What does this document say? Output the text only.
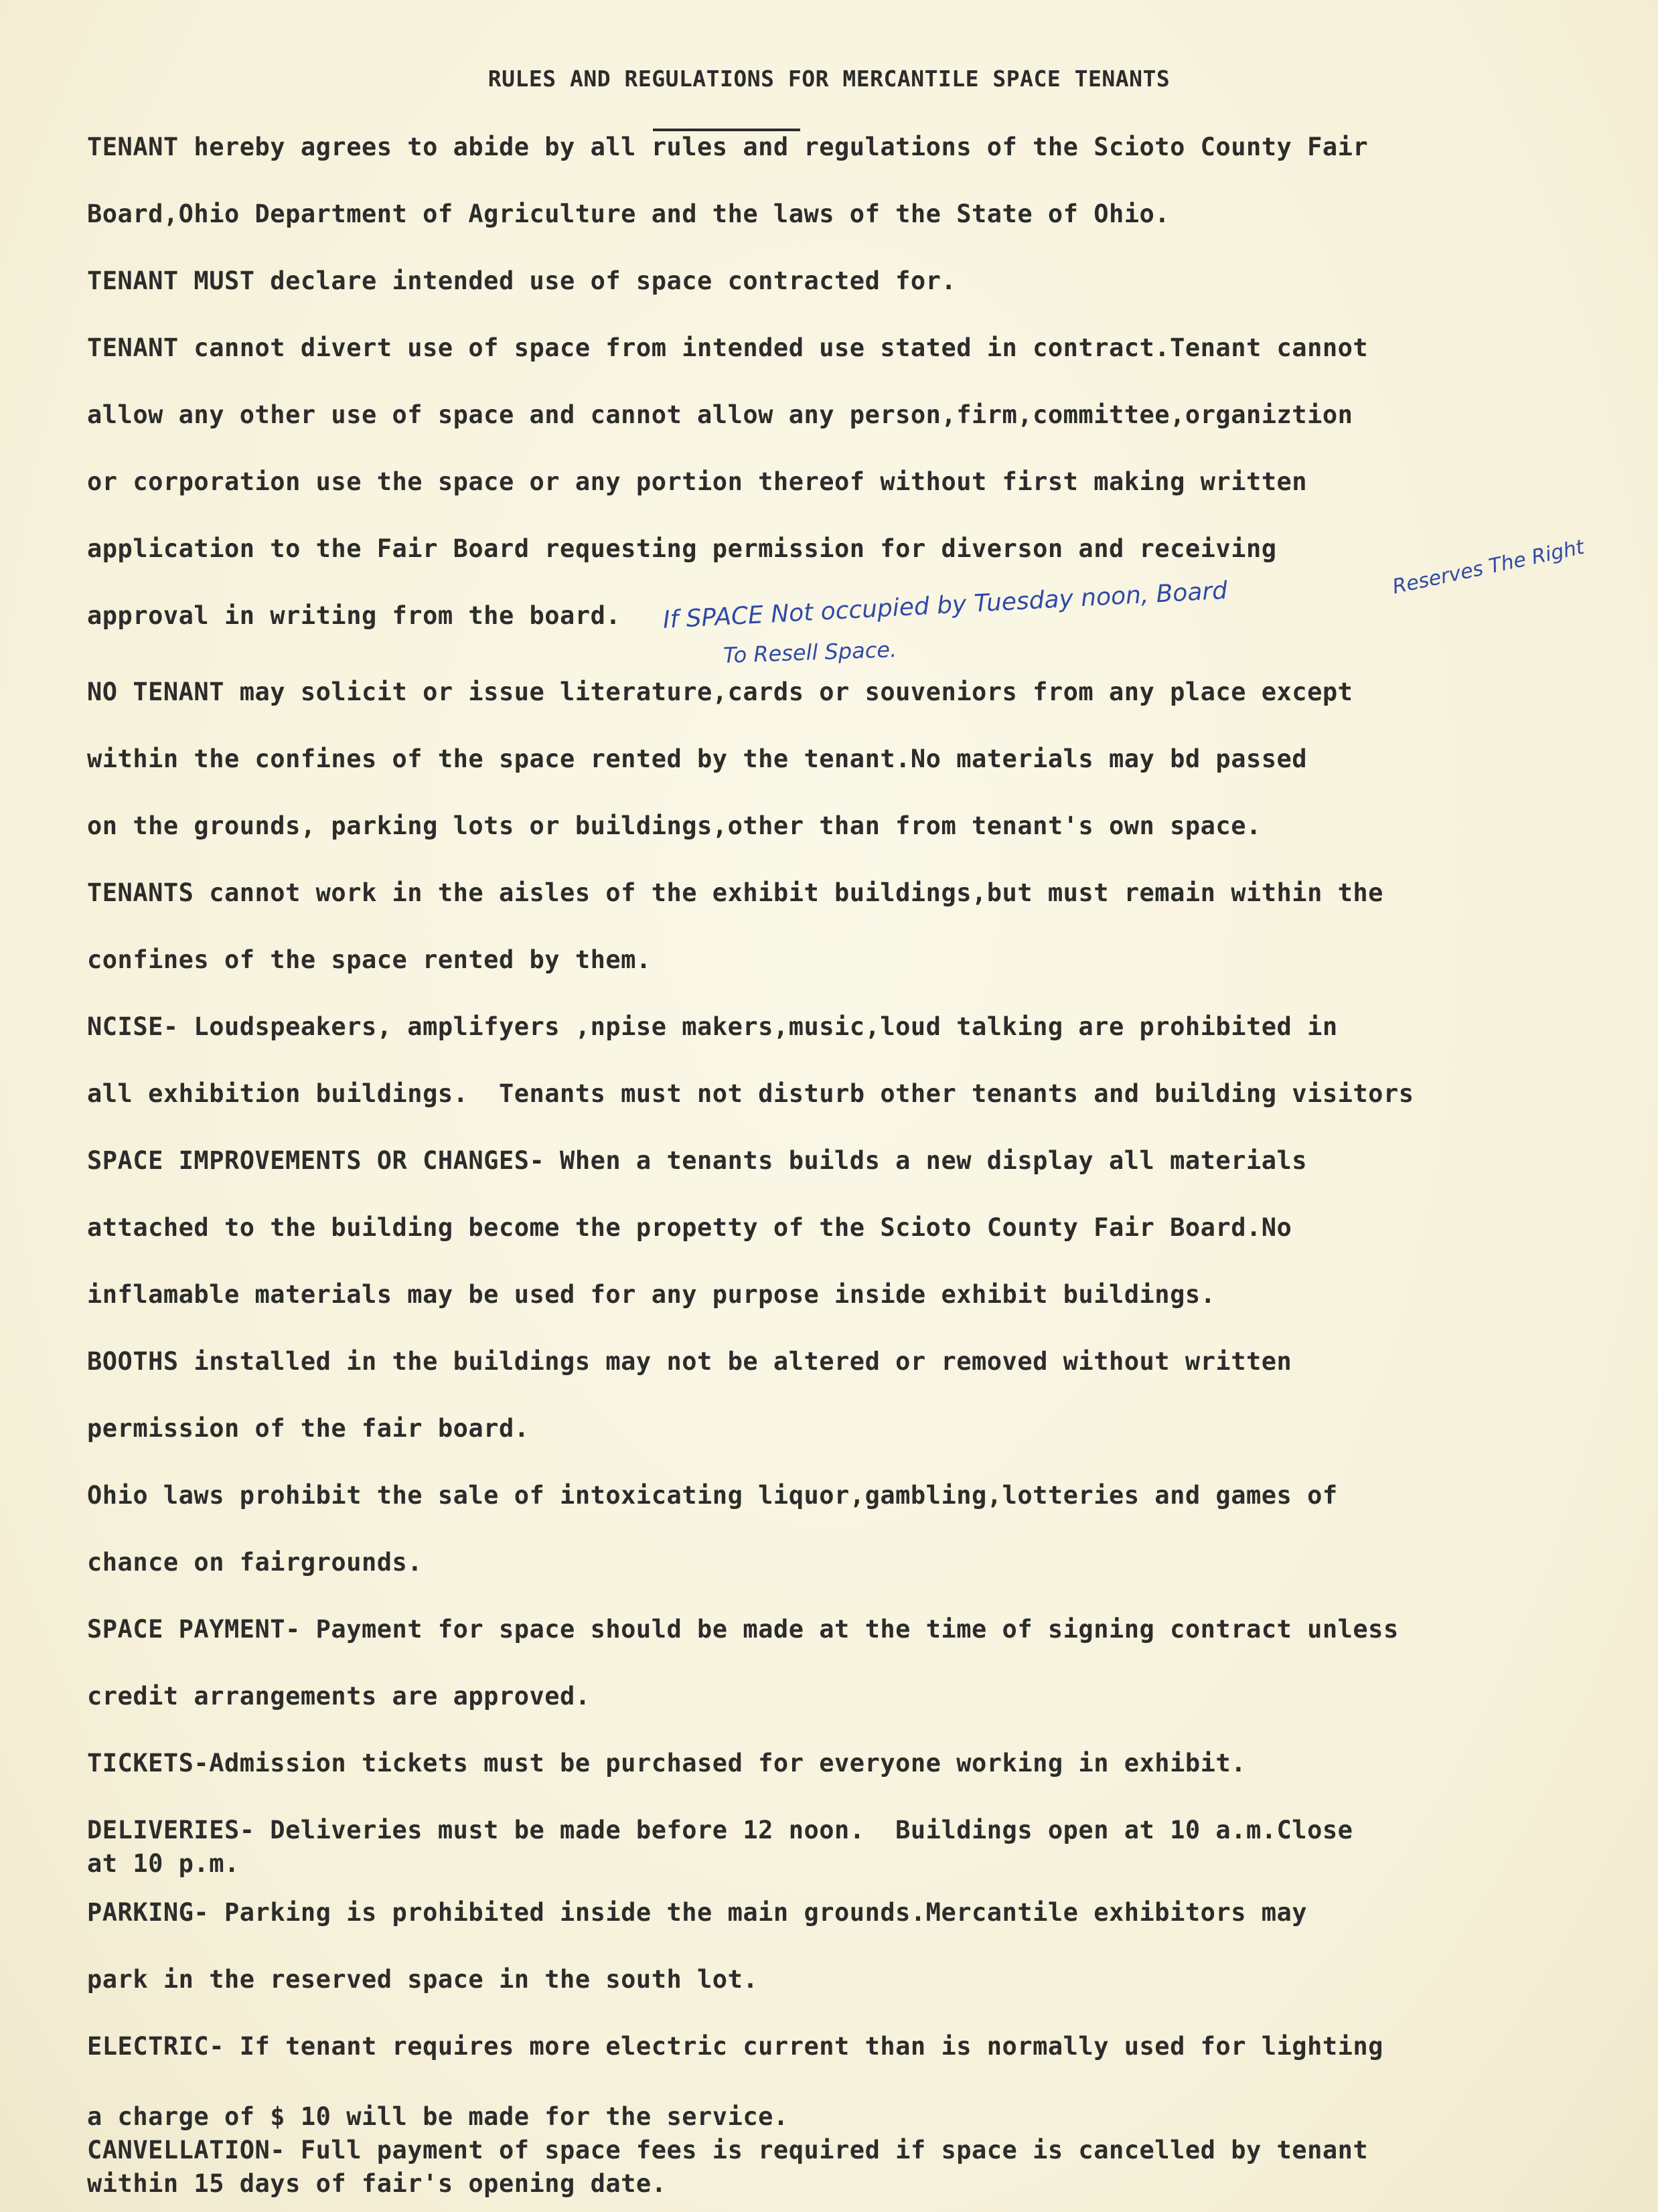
RULES AND REGULATIONS FOR MERCANTILE SPACE TENANTS
TENANT hereby agrees to abide by all rules and regulations of the Scioto County Fair
Board,Ohio Department of Agriculture and the laws of the State of Ohio.
TENANT MUST declare intended use of space contracted for.
TENANT cannot divert use of space from intended use stated in contract.Tenant cannot
allow any other use of space and cannot allow any person,firm,committee,organiztion
or corporation use the space or any portion thereof without first making written
application to the Fair Board requesting permission for diverson and receiving
approval in writing from the board. If SPACE Not occupied by Tuesday noon, Board
To Resell Space.
Reserves The Right
NO TENANT may solicit or issue literature,cards or souveniors from any place except
within the confines of the space rented by the tenant.No materials may bd passed
on the grounds, parking lots or buildings,other than from tenant's own space.
TENANTS cannot work in the aisles of the exhibit buildings,but must remain within the
confines of the space rented by them.
NCISE- Loudspeakers, amplifyers ,npise makers,music,loud talking are prohibited in
all exhibition buildings.  Tenants must not disturb other tenants and building visitors
SPACE IMPROVEMENTS OR CHANGES- When a tenants builds a new display all materials
attached to the building become the propetty of the Scioto County Fair Board.No
inflamable materials may be used for any purpose inside exhibit buildings.
BOOTHS installed in the buildings may not be altered or removed without written
permission of the fair board.
Ohio laws prohibit the sale of intoxicating liquor,gambling,lotteries and games of
chance on fairgrounds.
SPACE PAYMENT- Payment for space should be made at the time of signing contract unless
credit arrangements are approved.
TICKETS-Admission tickets must be purchased for everyone working in exhibit.
DELIVERIES- Deliveries must be made before 12 noon.  Buildings open at 10 a.m.Close
at 10 p.m.
PARKING- Parking is prohibited inside the main grounds.Mercantile exhibitors may
park in the reserved space in the south lot.
ELECTRIC- If tenant requires more electric current than is normally used for lighting
a charge of $ 10 will be made for the service.
CANVELLATION- Full payment of space fees is required if space is cancelled by tenant
within 15 days of fair's opening date.
